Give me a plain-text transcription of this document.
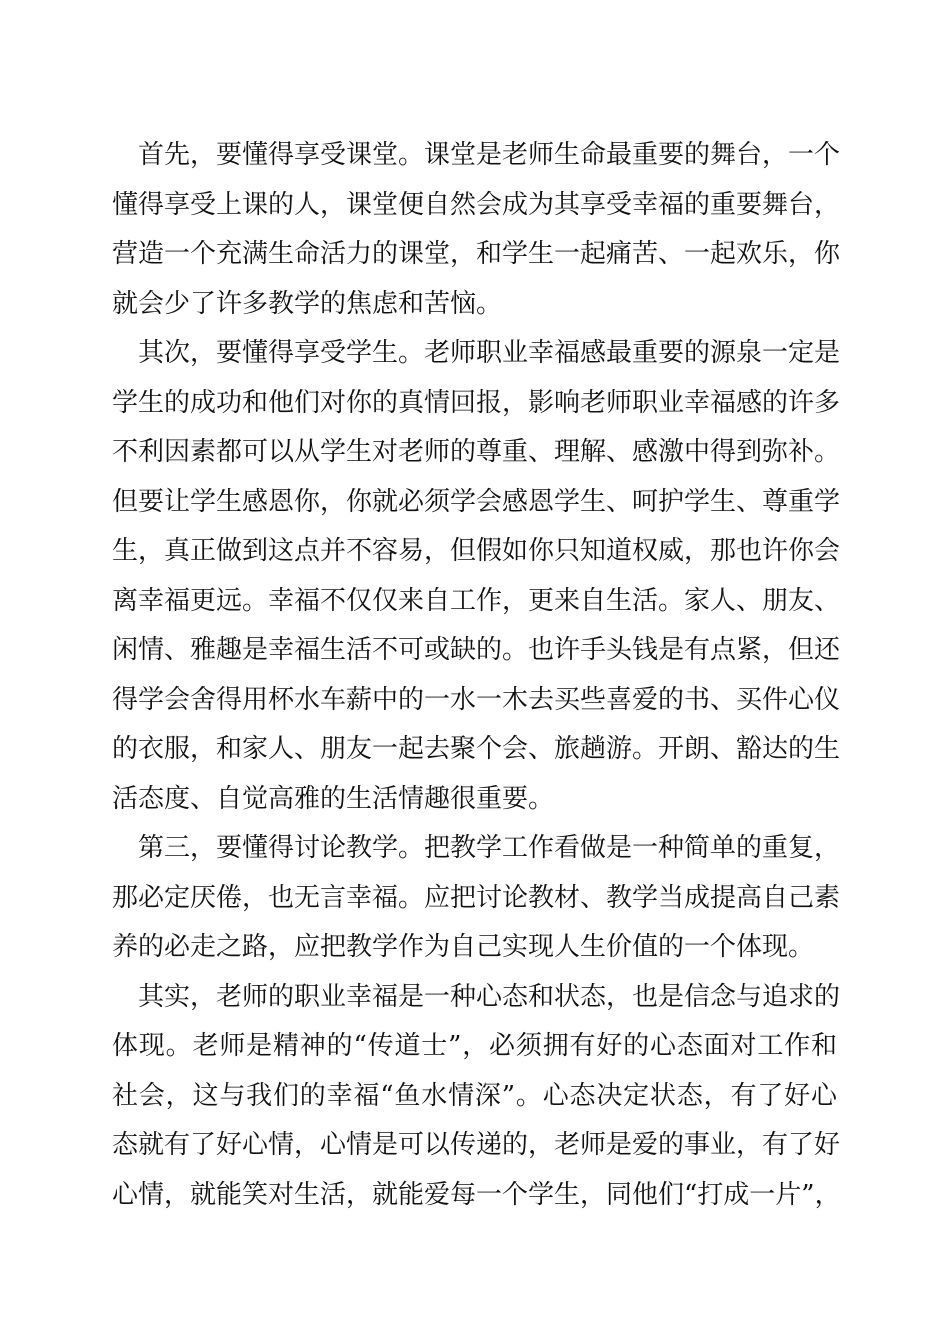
首先，要懂得享受课堂。课堂是老师生命最重要的舞台，一个
懂得享受上课的人，课堂便自然会成为其享受幸福的重要舞台，
营造一个充满生命活力的课堂，和学生一起痛苦、一起欢乐，你
就会少了许多教学的焦虑和苦恼。
其次，要懂得享受学生。老师职业幸福感最重要的源泉一定是
学生的成功和他们对你的真情回报，影响老师职业幸福感的许多
不利因素都可以从学生对老师的尊重、理解、感激中得到弥补。
但要让学生感恩你，你就必须学会感恩学生、呵护学生、尊重学
生，真正做到这点并不容易，但假如你只知道权威，那也许你会
离幸福更远。幸福不仅仅来自工作，更来自生活。家人、朋友、
闲情、雅趣是幸福生活不可或缺的。也许手头钱是有点紧，但还
得学会舍得用杯水车薪中的一水一木去买些喜爱的书、买件心仪
的衣服，和家人、朋友一起去聚个会、旅趟游。开朗、豁达的生
活态度、自觉高雅的生活情趣很重要。
第三，要懂得讨论教学。把教学工作看做是一种简单的重复，
那必定厌倦，也无言幸福。应把讨论教材、教学当成提高自己素
养的必走之路，应把教学作为自己实现人生价值的一个体现。
其实，老师的职业幸福是一种心态和状态，也是信念与追求的
体现。老师是精神的“传道士”，必须拥有好的心态面对工作和
社会，这与我们的幸福“鱼水情深”。心态决定状态，有了好心
态就有了好心情，心情是可以传递的，老师是爱的事业，有了好
心情，就能笑对生活，就能爱每一个学生，同他们“打成一片”，
